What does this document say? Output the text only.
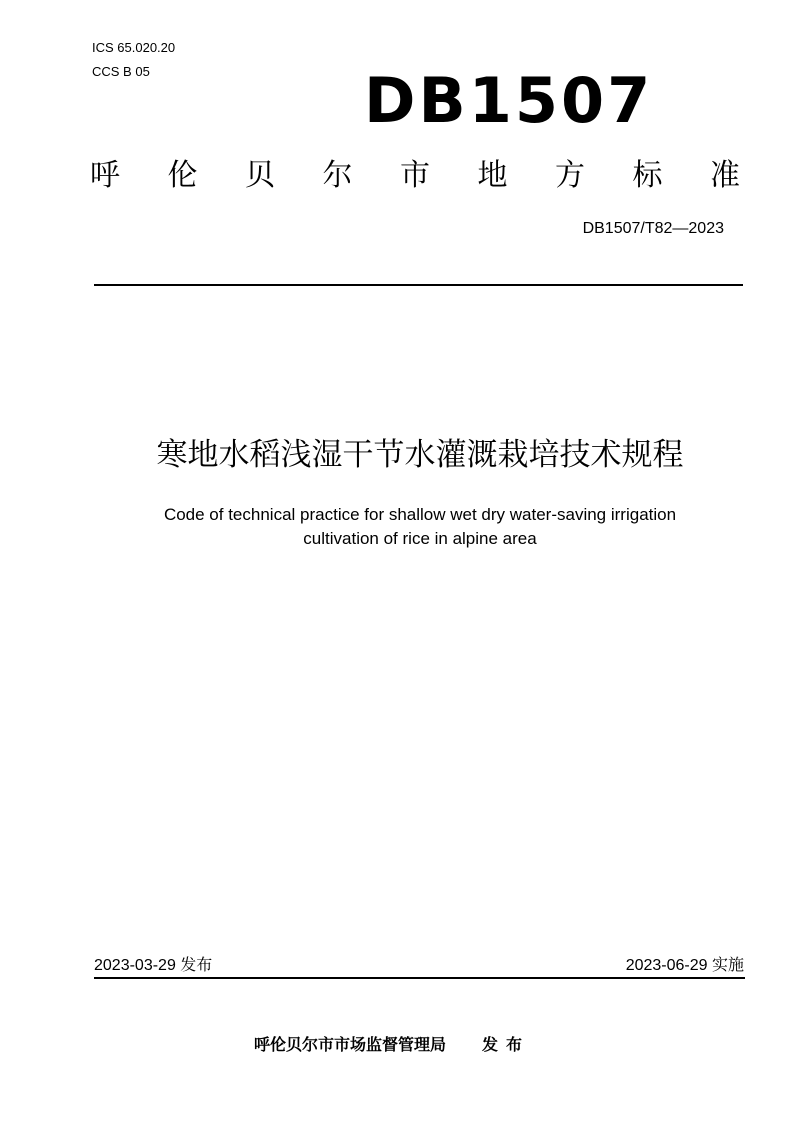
ICS 65.020.20
CCS B 05	DB1507
呼 伦 贝 尔 市 地 方 标 准
DB1507/T82—2023
寒地水稻浅湿干节水灌溉栽培技术规程
Code of technical practice for shallow wet dry water-saving irrigation
cultivation of rice in alpine area
2023-03-29 发布	2023-06-29 实施
呼伦贝尔市市场监督管理局 发布
